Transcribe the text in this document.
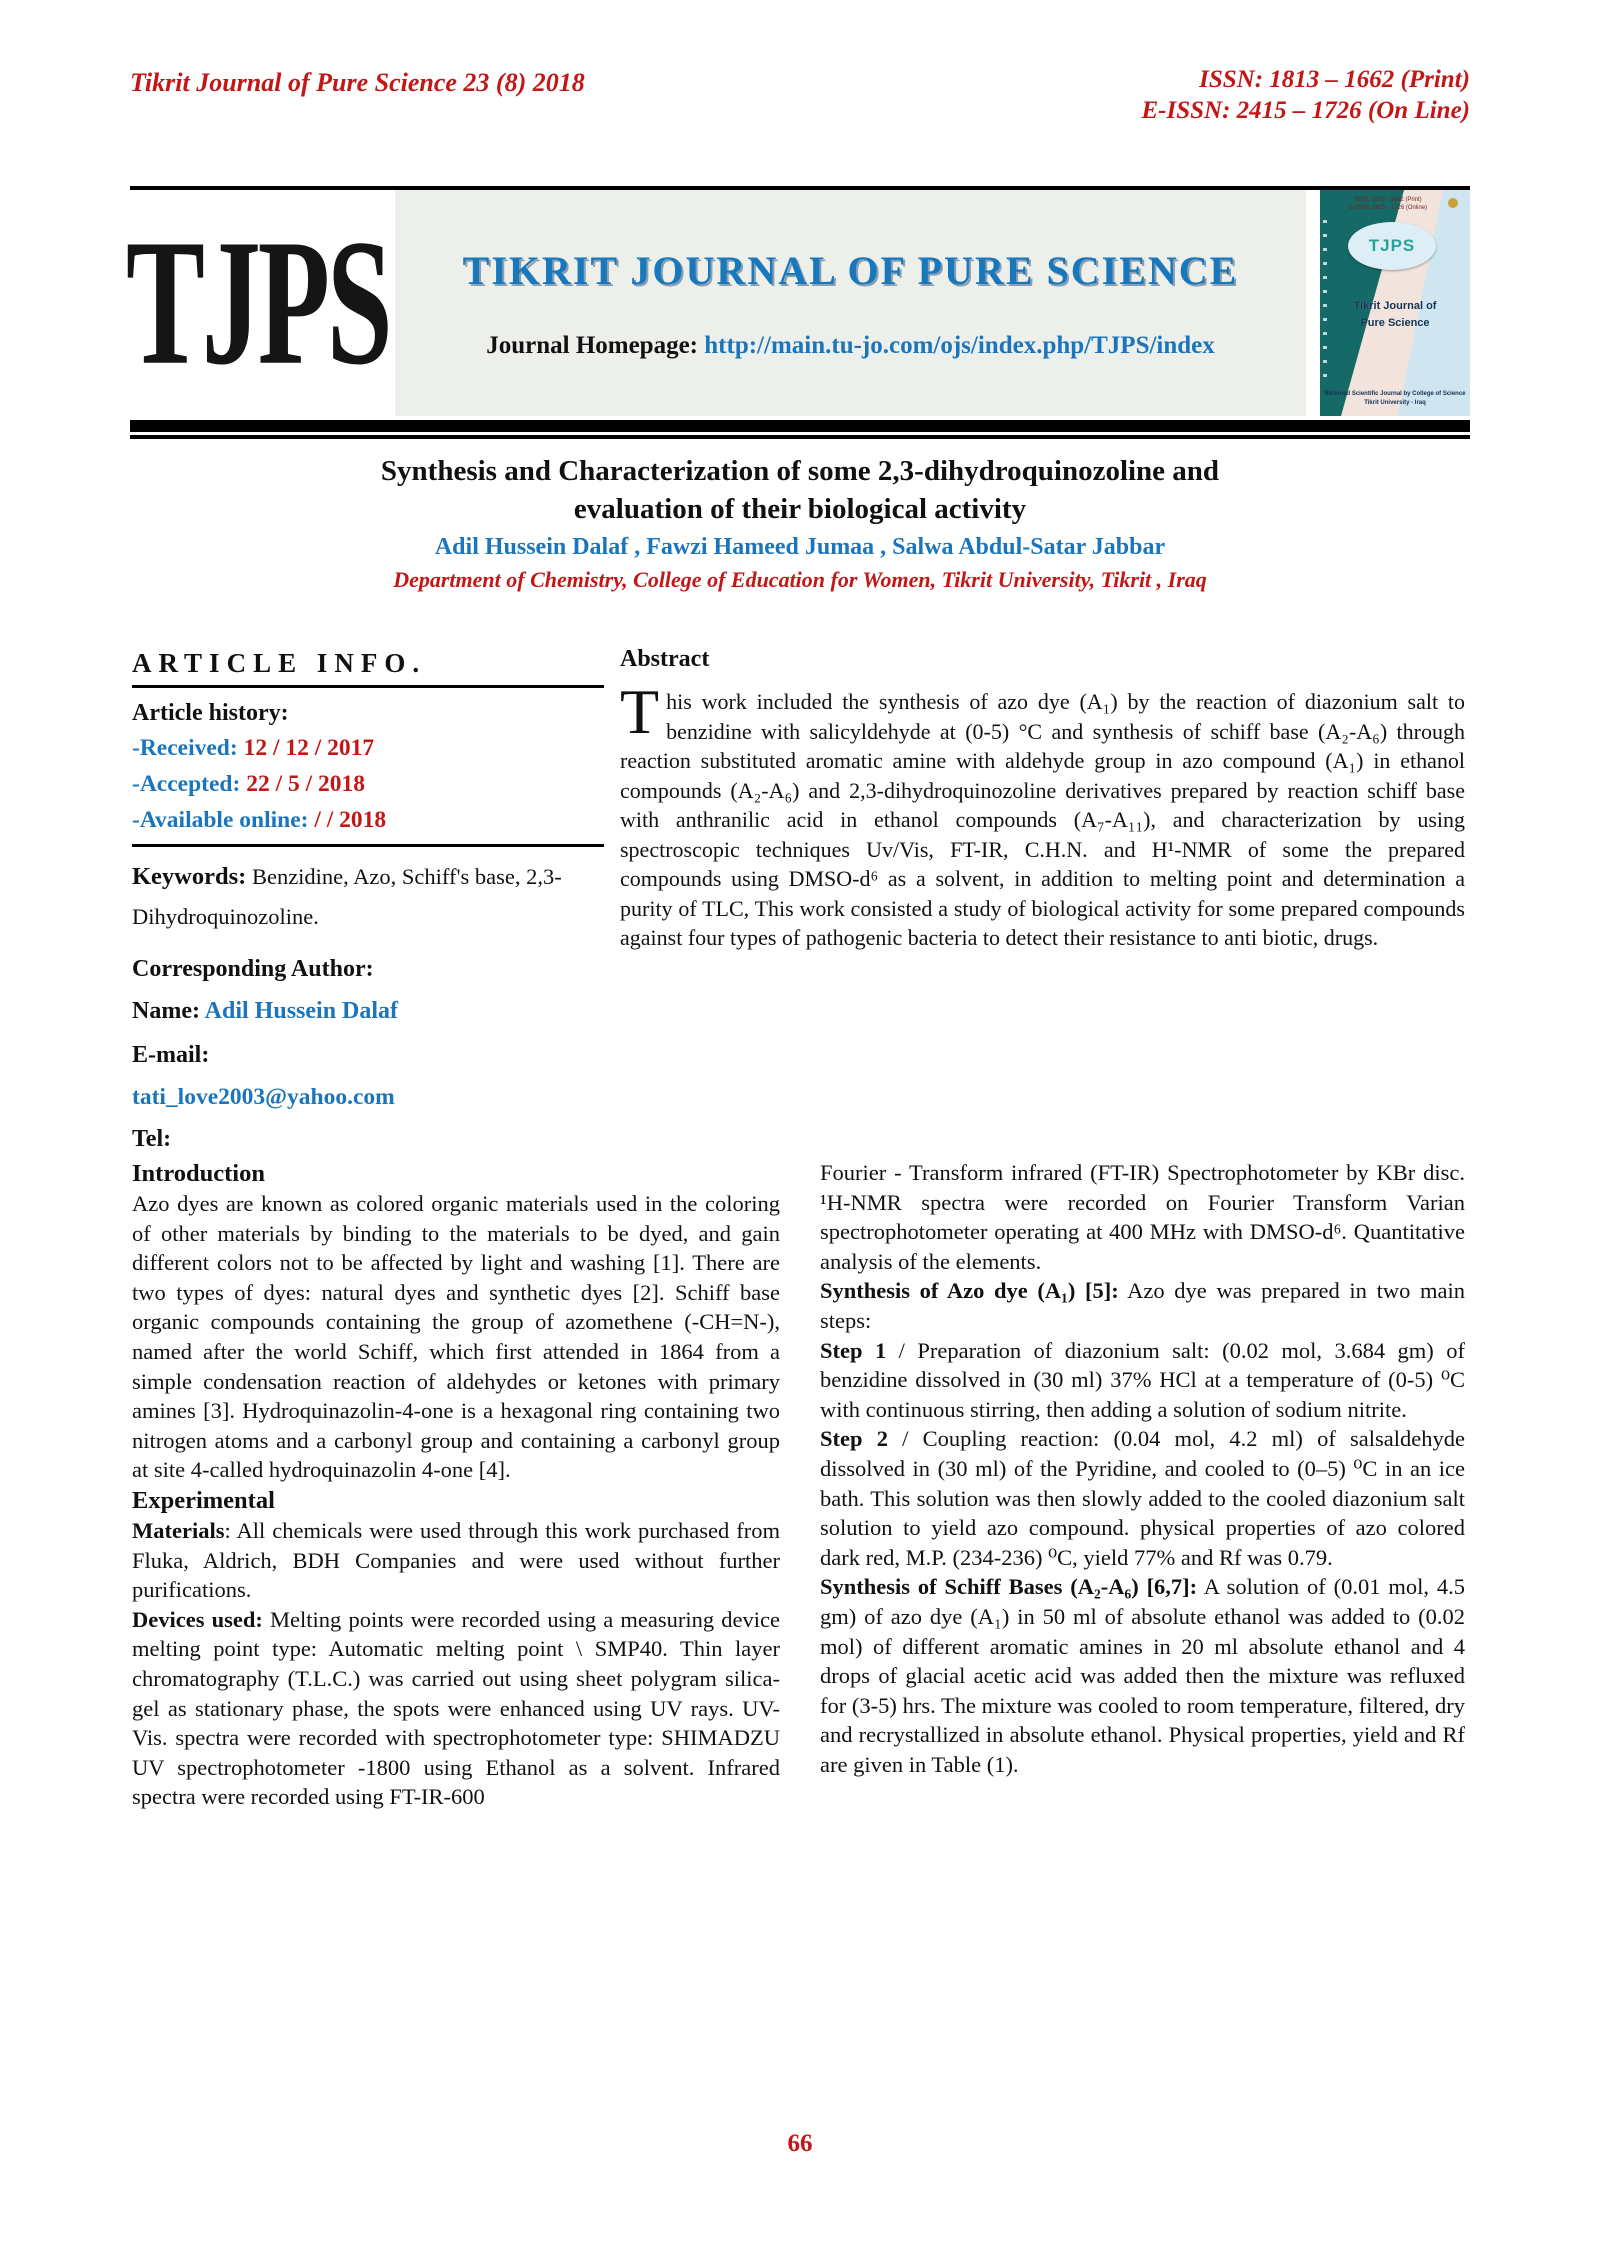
Tikrit Journal of Pure Science 23 (8) 2018	ISSN: 1813 – 1662 (Print)
E-ISSN: 2415 – 1726 (On Line)
TJPS TIKRIT JOURNAL OF PURE SCIENCE
Journal Homepage: http://main.tu-jo.com/ojs/index.php/TJPS/index
ISSN: 1813 - 1662 (Print)
E-ISSN: 2415 - 1726 (Online)
TJPS
Tikrit Journal of
Pure Science
Refereed Scientific Journal by College of Science
Tikrit University - Iraq
Synthesis and Characterization of some 2,3-dihydroquinozoline and
evaluation of their biological activity
Adil Hussein Dalaf , Fawzi Hameed Jumaa , Salwa Abdul-Satar Jabbar
Department of Chemistry, College of Education for Women, Tikrit University, Tikrit , Iraq
ARTICLE INFO.
Article history:
-Received: 12 / 12 / 2017
-Accepted: 22 / 5 / 2018
-Available online: / / 2018
Keywords: Benzidine, Azo, Schiff's base, 2,3-Dihydroquinozoline.
Corresponding Author:
Name: Adil Hussein Dalaf
E-mail:
tati_love2003@yahoo.com
Tel:
Abstract
This work included the synthesis of azo dye (A₁) by the reaction of diazonium salt to benzidine with salicyldehyde at (0-5) °C and synthesis of schiff base (A₂-A₆) through reaction substituted aromatic amine with aldehyde group in azo compound (A₁) in ethanol compounds (A₂-A₆) and 2,3-dihydroquinozoline derivatives prepared by reaction schiff base with anthranilic acid in ethanol compounds (A₇-A₁₁), and characterization by using spectroscopic techniques Uv/Vis, FT-IR, C.H.N. and H¹-NMR of some the prepared compounds using DMSO-d⁶ as a solvent, in addition to melting point and determination a purity of TLC, This work consisted a study of biological activity for some prepared compounds against four types of pathogenic bacteria to detect their resistance to anti biotic, drugs.
Introduction
Azo dyes are known as colored organic materials used in the coloring of other materials by binding to the materials to be dyed, and gain different colors not to be affected by light and washing [1]. There are two types of dyes: natural dyes and synthetic dyes [2]. Schiff base organic compounds containing the group of azomethene (-CH=N-), named after the world Schiff, which first attended in 1864 from a simple condensation reaction of aldehydes or ketones with primary amines [3]. Hydroquinazolin-4-one is a hexagonal ring containing two nitrogen atoms and a carbonyl group and containing a carbonyl group at site 4-called hydroquinazolin 4-one [4].
Experimental
Materials: All chemicals were used through this work purchased from Fluka, Aldrich, BDH Companies and were used without further purifications.
Devices used: Melting points were recorded using a measuring device melting point type: Automatic melting point \ SMP40. Thin layer chromatography (T.L.C.) was carried out using sheet polygram silica-gel as stationary phase, the spots were enhanced using UV rays. UV-Vis. spectra were recorded with spectrophotometer type: SHIMADZU UV spectrophotometer -1800 using Ethanol as a solvent. Infrared spectra were recorded using FT-IR-600
Fourier - Transform infrared (FT-IR) Spectrophotometer by KBr disc. ¹H-NMR spectra were recorded on Fourier Transform Varian spectrophotometer operating at 400 MHz with DMSO-d⁶. Quantitative analysis of the elements.
Synthesis of Azo dye (A₁) [5]: Azo dye was prepared in two main steps:
Step 1 / Preparation of diazonium salt: (0.02 mol, 3.684 gm) of benzidine dissolved in (30 ml) 37% HCl at a temperature of (0-5) ⁰C with continuous stirring, then adding a solution of sodium nitrite.
Step 2 / Coupling reaction: (0.04 mol, 4.2 ml) of salsaldehyde dissolved in (30 ml) of the Pyridine, and cooled to (0–5) ⁰C in an ice bath. This solution was then slowly added to the cooled diazonium salt solution to yield azo compound. physical properties of azo colored dark red, M.P. (234-236) ⁰C, yield 77% and Rf was 0.79.
Synthesis of Schiff Bases (A₂-A₆) [6,7]: A solution of (0.01 mol, 4.5 gm) of azo dye (A₁) in 50 ml of absolute ethanol was added to (0.02 mol) of different aromatic amines in 20 ml absolute ethanol and 4 drops of glacial acetic acid was added then the mixture was refluxed for (3-5) hrs. The mixture was cooled to room temperature, filtered, dry and recrystallized in absolute ethanol. Physical properties, yield and Rf are given in Table (1).
66
